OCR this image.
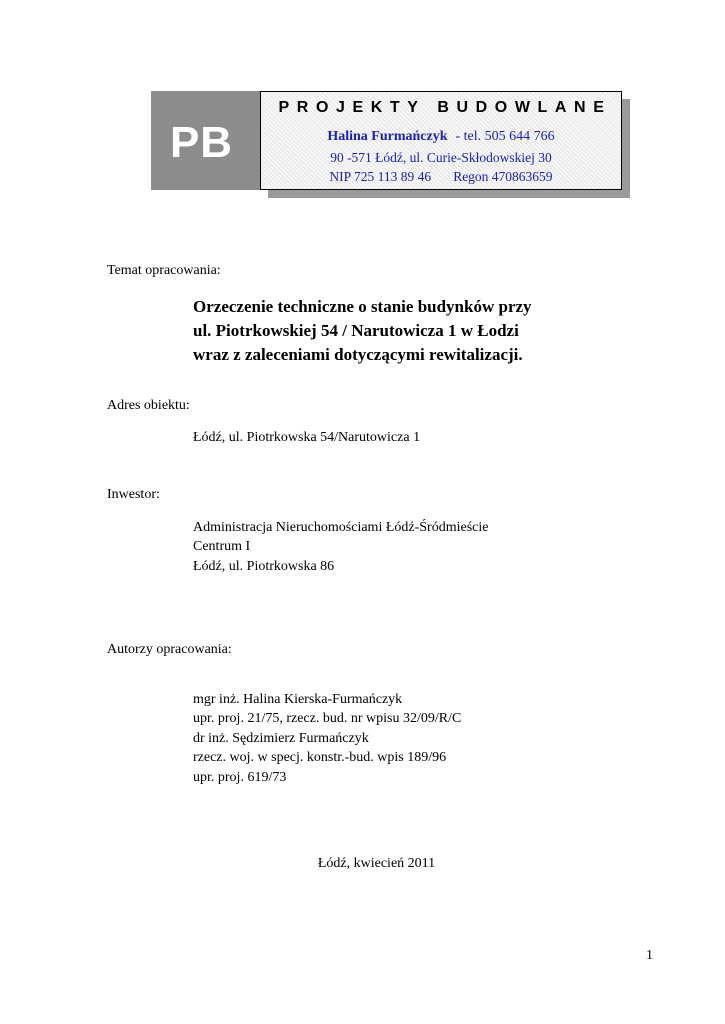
PB
PROJEKTY BUDOWLANE
Halina Furmańczyk - tel. 505 644 766
90 -571 Łódź, ul. Curie-Skłodowskiej 30
NIP 725 113 89 46 Regon 470863659
Temat opracowania:
Orzeczenie techniczne o stanie budynków przy
ul. Piotrkowskiej 54 / Narutowicza 1 w Łodzi
wraz z zaleceniami dotyczącymi rewitalizacji.
Adres obiektu:
Łódź, ul. Piotrkowska 54/Narutowicza 1
Inwestor:
Administracja Nieruchomościami Łódź-Śródmieście
Centrum I
Łódź, ul. Piotrkowska 86
Autorzy opracowania:
mgr inż. Halina Kierska-Furmańczyk
upr. proj. 21/75, rzecz. bud. nr wpisu 32/09/R/C
dr inż. Sędzimierz Furmańczyk
rzecz. woj. w specj. konstr.-bud. wpis 189/96
upr. proj. 619/73
Łódź, kwiecień 2011
1
